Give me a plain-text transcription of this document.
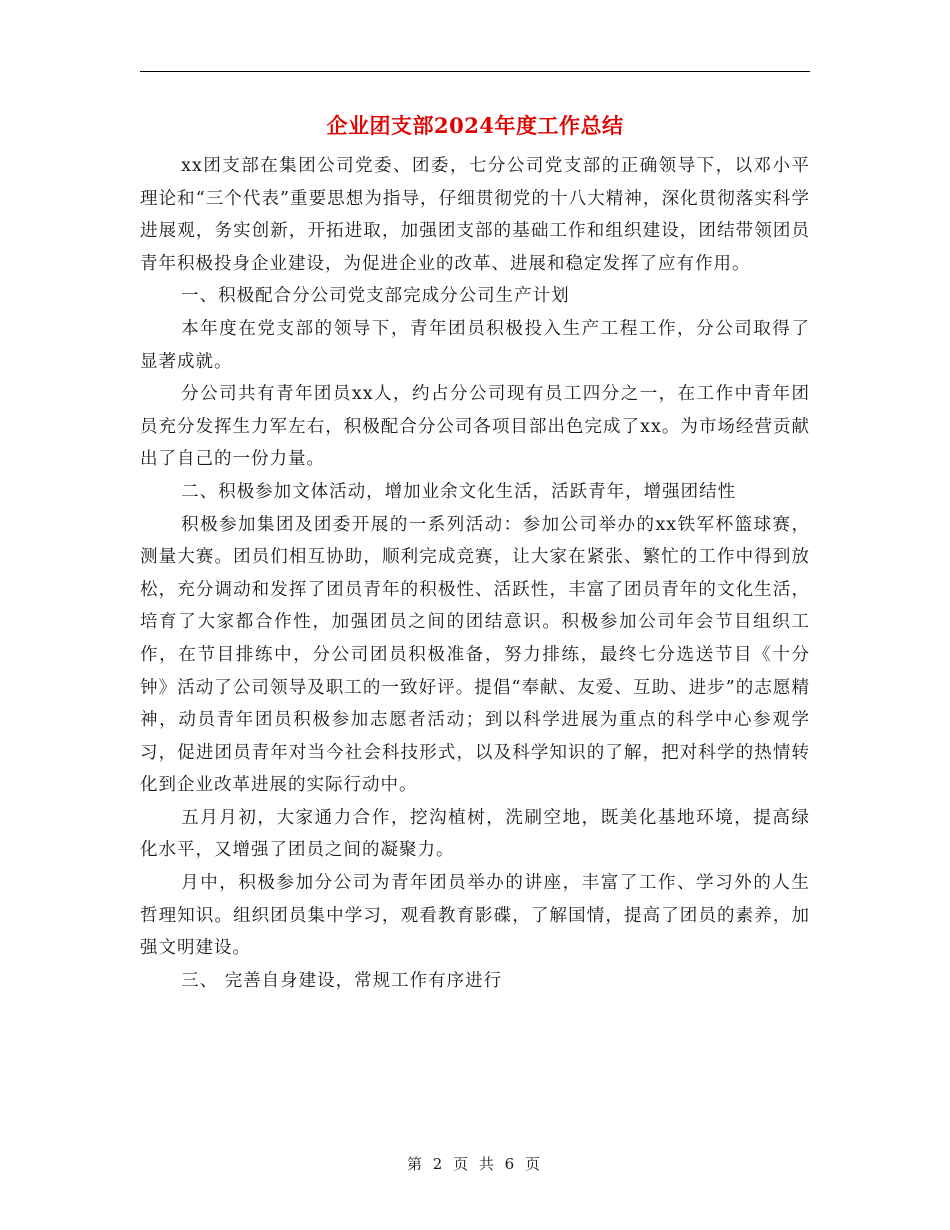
企业团支部2024年度工作总结

xx团支部在集团公司党委、团委，七分公司党支部的正确领导下，以邓小平理论和“三个代表”重要思想为指导，仔细贯彻党的十八大精神，深化贯彻落实科学进展观，务实创新，开拓进取，加强团支部的基础工作和组织建设，团结带领团员青年积极投身企业建设，为促进企业的改革、进展和稳定发挥了应有作用。

一、积极配合分公司党支部完成分公司生产计划

本年度在党支部的领导下，青年团员积极投入生产工程工作，分公司取得了显著成就。

分公司共有青年团员xx人，约占分公司现有员工四分之一，在工作中青年团员充分发挥生力军左右，积极配合分公司各项目部出色完成了xx。为市场经营贡献出了自己的一份力量。

二、积极参加文体活动，增加业余文化生活，活跃青年，增强团结性

积极参加集团及团委开展的一系列活动：参加公司举办的xx铁军杯篮球赛，测量大赛。团员们相互协助，顺利完成竞赛，让大家在紧张、繁忙的工作中得到放松，充分调动和发挥了团员青年的积极性、活跃性，丰富了团员青年的文化生活，培育了大家都合作性，加强团员之间的团结意识。积极参加公司年会节目组织工作，在节目排练中，分公司团员积极准备，努力排练，最终七分选送节目《十分钟》活动了公司领导及职工的一致好评。提倡“奉献、友爱、互助、进步”的志愿精神，动员青年团员积极参加志愿者活动；到以科学进展为重点的科学中心参观学习，促进团员青年对当今社会科技形式，以及科学知识的了解，把对科学的热情转化到企业改革进展的实际行动中。

五月月初，大家通力合作，挖沟植树，洗刷空地，既美化基地环境，提高绿化水平，又增强了团员之间的凝聚力。

月中，积极参加分公司为青年团员举办的讲座，丰富了工作、学习外的人生哲理知识。组织团员集中学习，观看教育影碟，了解国情，提高了团员的素养，加强文明建设。

三、 完善自身建设，常规工作有序进行

第 2 页 共 6 页
